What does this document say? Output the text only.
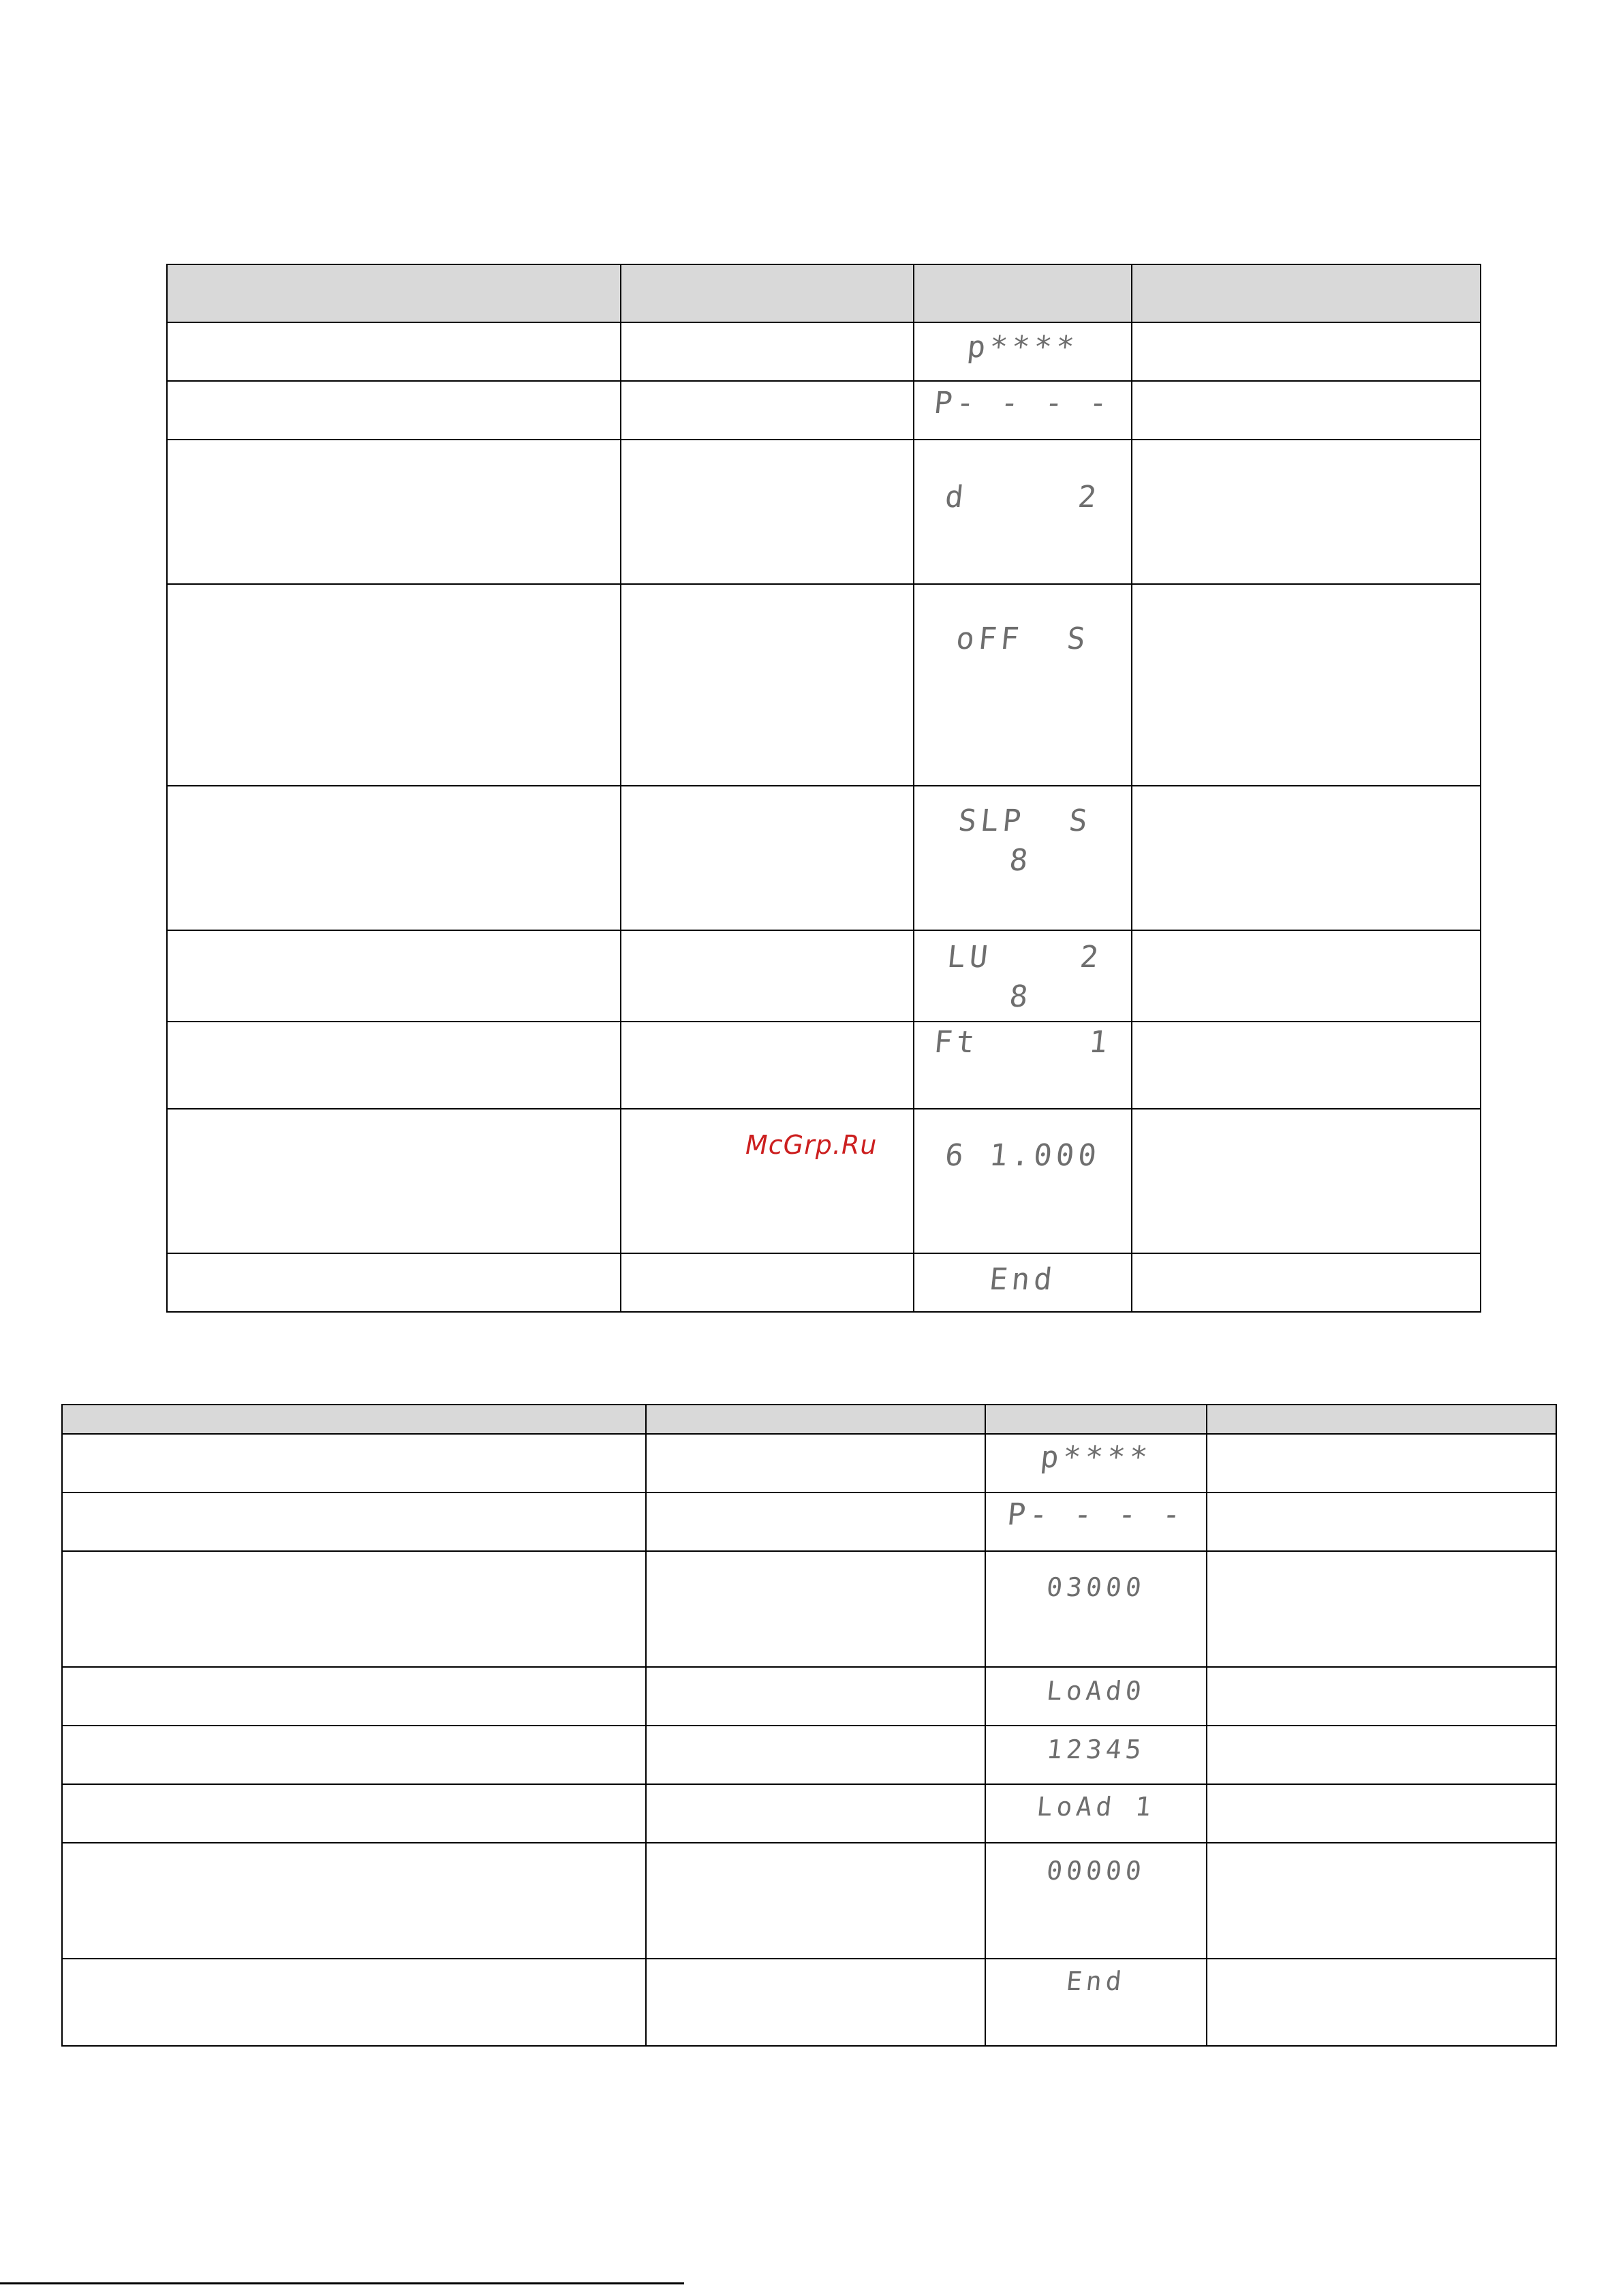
		p****	

		P- - - -	

		d     2	

		oFF  S	

		SLP  S
8	

		LU    2
8	

		Ft     1	

		6 1.000	

		End	

McGrp.Ru

		p****	

		P- - - -	

		03000	

		LoAd0	

		12345	

		LoAd 1	

		00000	

		End	
